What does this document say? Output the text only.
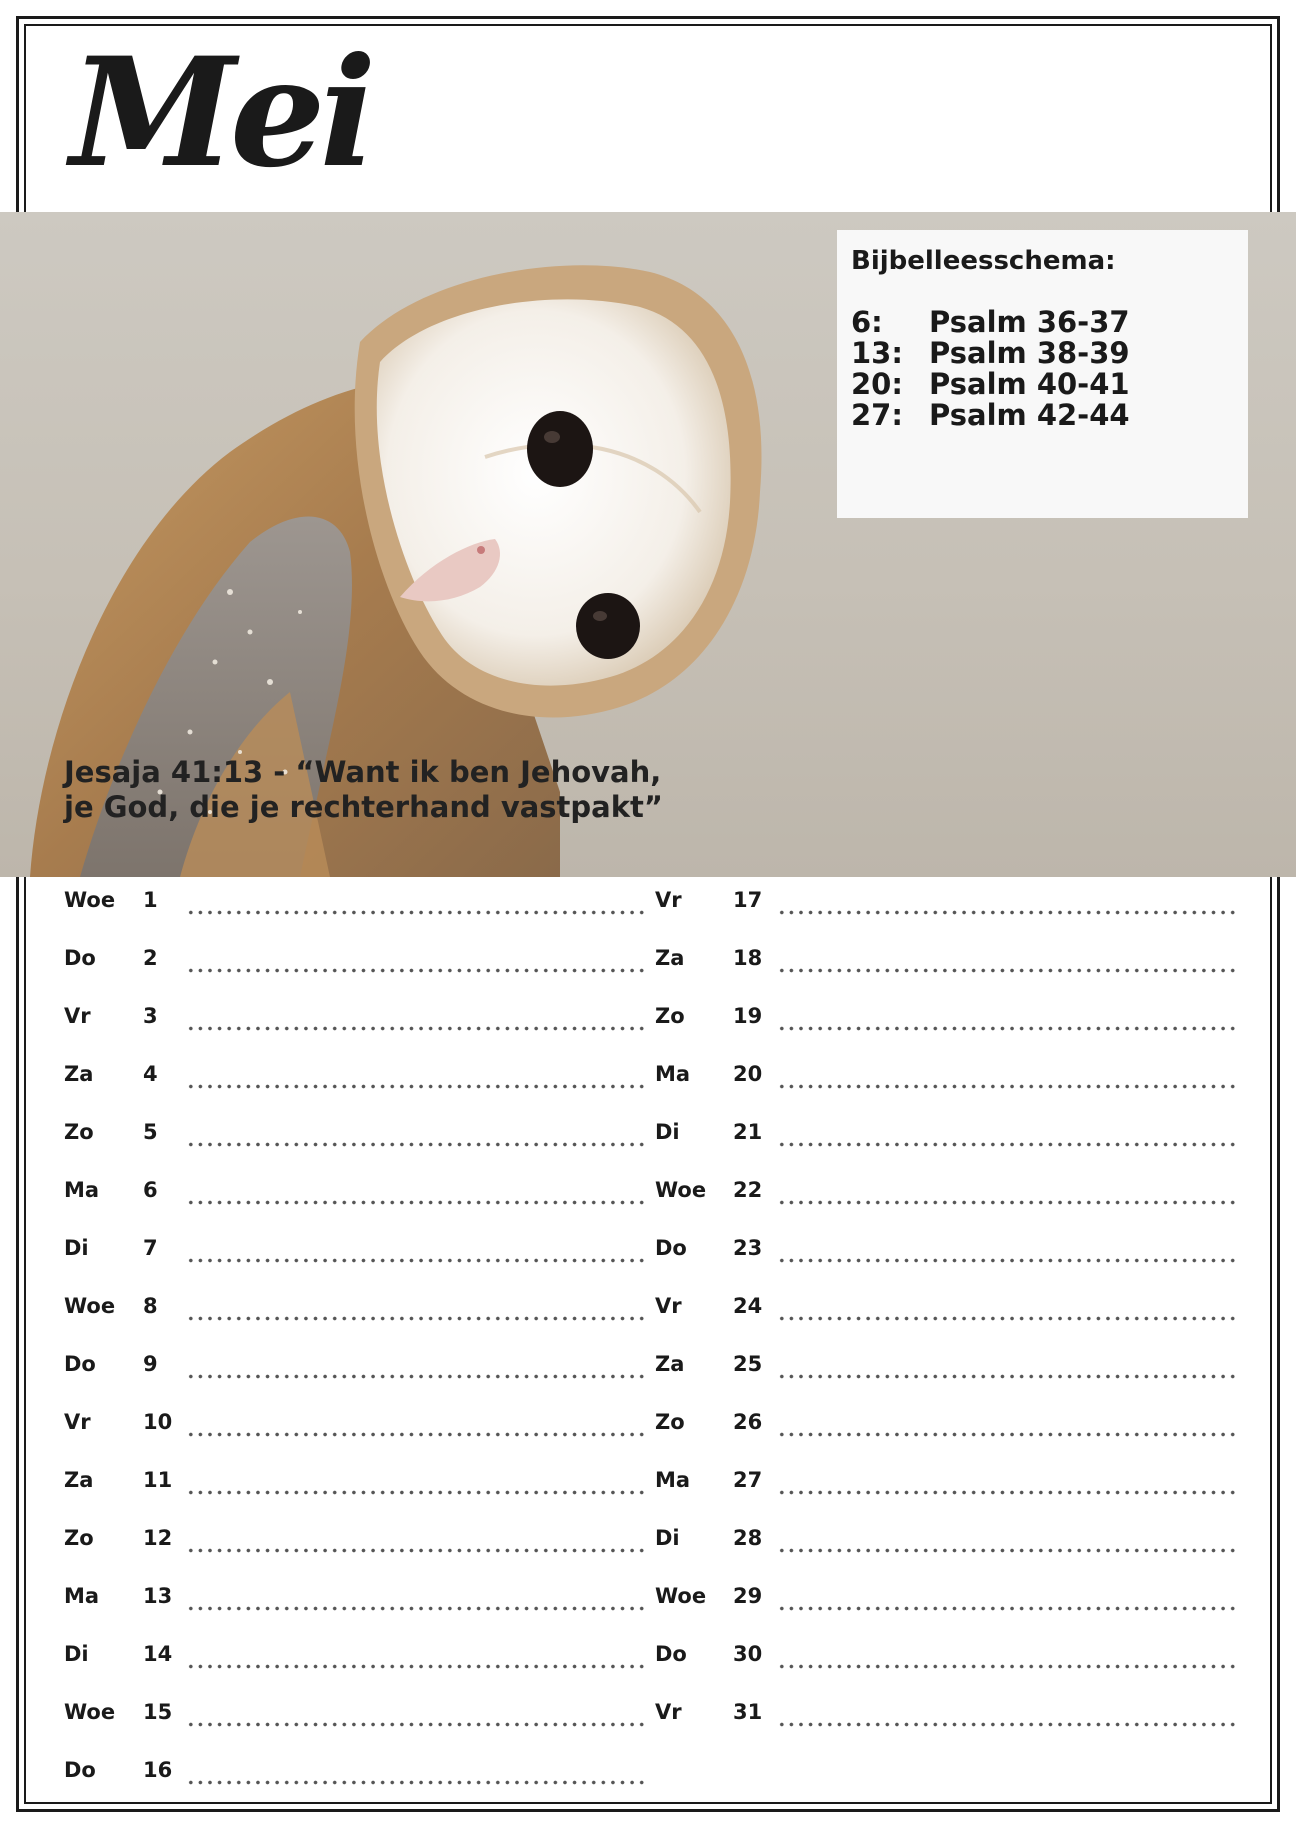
Mei
Bijbelleesschema:
6:	Psalm 36-37
13: Psalm 38-39
20: Psalm 40-41
27: Psalm 42-44

Jesaja 41:13 - “Want ik ben Jehovah,
je God, die je rechterhand vastpakt”

Woe 1
Do 2
Vr 3
Za 4
Zo 5
Ma 6
Di	7
Woe 8
Do 9
Vr 10
Za 11
Zo 12
Ma 13
Di	14
Woe 15
Do 16
Vr 17
Za 18
Zo 19
Ma 20
Di	21
Woe 22
Do 23
Vr 24
Za 25
Zo 26
Ma 27
Di	28
Woe 29
Do 30
Vr 31
